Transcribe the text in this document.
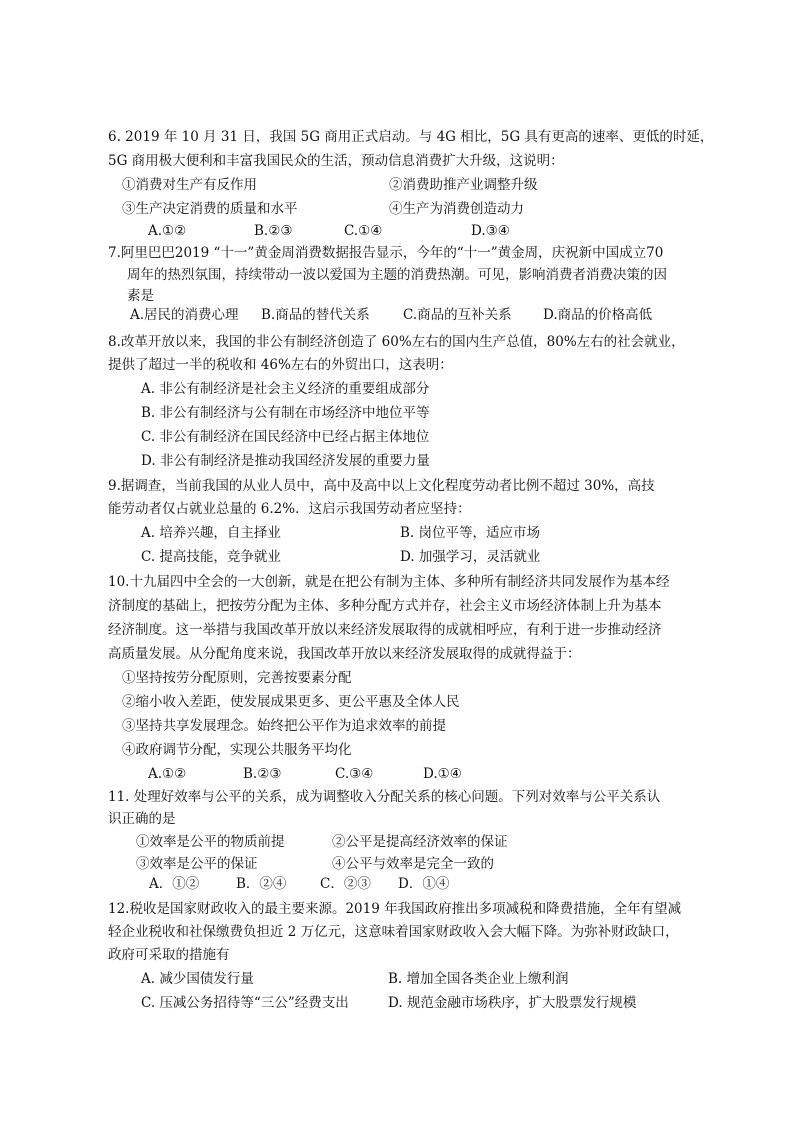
6. 2019 年 10 月 31 日，我国 5G 商用正式启动。与 4G 相比，5G 具有更高的速率、更低的时延，
5G 商用极大便利和丰富我国民众的生活，预动信息消费扩大升级，这说明：
①消费对生产有反作用	②消费助推产业调整升级
③生产决定消费的质量和水平	④生产为消费创造动力
A.①②	B.②③	C.①④	D.③④
7.阿里巴巴2019 “十一”黄金周消费数据报告显示，今年的“十一”黄金周，庆祝新中国成立70
周年的热烈氛围，持续带动一波以爱国为主题的消费热潮。可见，影响消费者消费决策的因
素是
A.居民的消费心理 B.商品的替代关系 C.商品的互补关系 D.商品的价格高低
8.改革开放以来，我国的非公有制经济创造了 60%左右的国内生产总值，80%左右的社会就业，
提供了超过一半的税收和 46%左右的外贸出口，这表明：
A. 非公有制经济是社会主义经济的重要组成部分
B. 非公有制经济与公有制在市场经济中地位平等
C. 非公有制经济在国民经济中已经占据主体地位
D. 非公有制经济是推动我国经济发展的重要力量
9.据调查，当前我国的从业人员中，高中及高中以上文化程度劳动者比例不超过 30%，高技
能劳动者仅占就业总量的 6.2%．这启示我国劳动者应坚持：
A. 培养兴趣，自主择业	B. 岗位平等，适应市场
C. 提高技能，竞争就业	D. 加强学习，灵活就业
10.十九届四中全会的一大创新，就是在把公有制为主体、多种所有制经济共同发展作为基本经
济制度的基础上，把按劳分配为主体、多种分配方式并存，社会主义市场经济体制上升为基本
经济制度。这一举措与我国改革开放以来经济发展取得的成就相呼应，有利于进一步推动经济
高质量发展。从分配角度来说，我国改革开放以来经济发展取得的成就得益于：
①坚持按劳分配原则，完善按要素分配
②缩小收入差距，使发展成果更多、更公平惠及全体人民
③坚持共享发展理念。始终把公平作为追求效率的前提
④政府调节分配，实现公共服务平均化
A.①②	B.②③	C.③④	D.①④
11. 处理好效率与公平的关系，成为调整收入分配关系的核心问题。下列对效率与公平关系认
识正确的是
①效率是公平的物质前提	②公平是提高经济效率的保证
③效率是公平的保证	④公平与效率是完全一致的
A．①②	B．②④ C．②③ D．①④
12.税收是国家财政收入的最主要来源。2019 年我国政府推出多项减税和降费措施，全年有望减
轻企业税收和社保缴费负担近 2 万亿元，这意味着国家财政收入会大幅下降。为弥补财政缺口，
政府可采取的措施有
A. 减少国债发行量	B. 增加全国各类企业上缴利润
C. 压减公务招待等“三公”经费支出	D. 规范金融市场秩序，扩大股票发行规模
